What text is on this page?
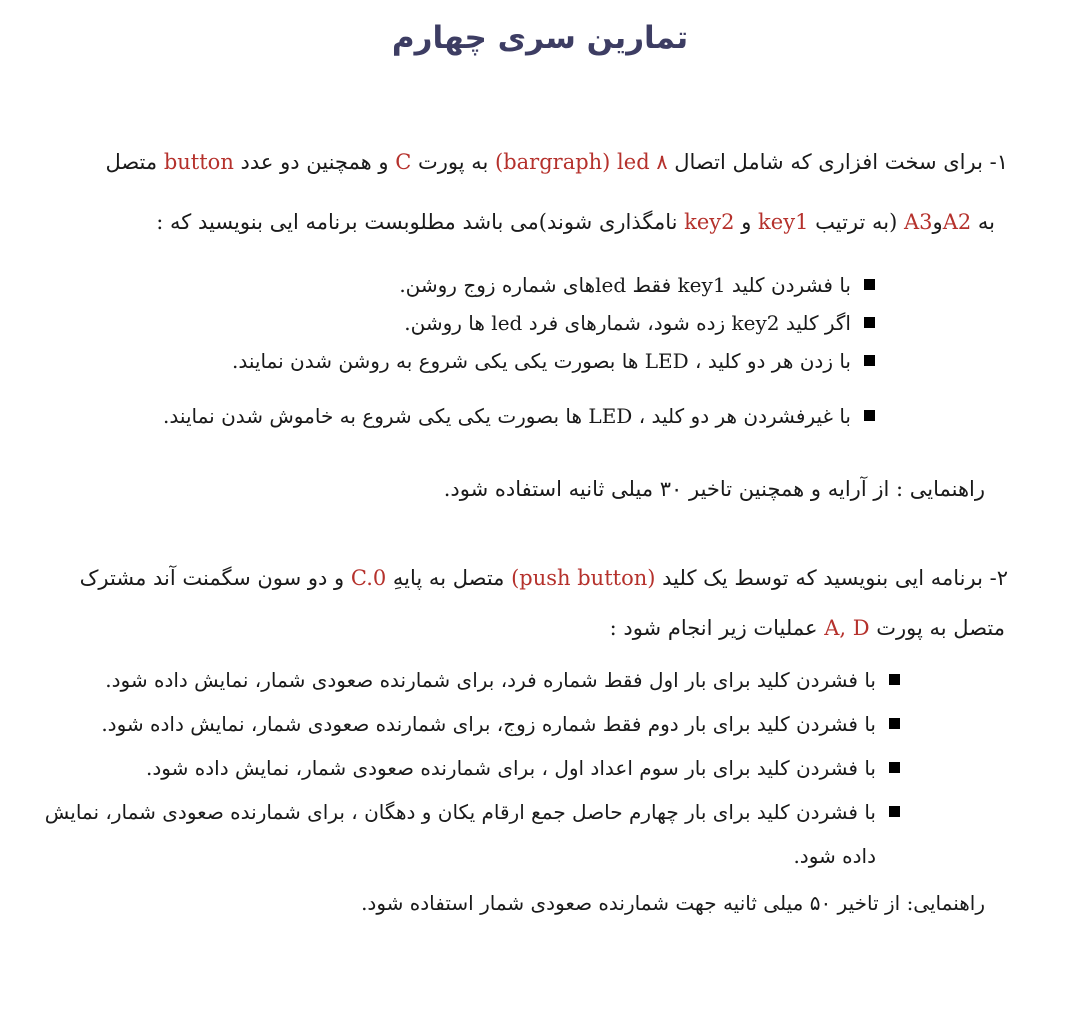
تمارین سری چهارم
۱- برای سخت افزاری که شامل اتصال ۸ led (bargraph) به پورت C و همچنین دو عدد button متصل
به A2وA3 (به ترتیب key1 و key2 نامگذاری شوند)می باشد مطلوبست برنامه ایی بنویسید که :
با فشردن کلید key1 فقط ledهای شماره زوج روشن.
اگر کلید key2 زده شود، شمارهای فرد led ها روشن.
با زدن هر دو کلید ، LED ها بصورت یکی یکی شروع به روشن شدن نمایند.
با غیرفشردن هر دو کلید ، LED ها بصورت یکی یکی شروع به خاموش شدن نمایند.
راهنمایی : از آرایه و همچنین تاخیر ۳۰ میلی ثانیه استفاده شود.
۲- برنامه ایی بنویسید که توسط یک کلید (push button) متصل به پایهِ C.0 و دو سون سگمنت آند مشترک
متصل به پورت A, D عملیات زیر انجام شود :
با فشردن کلید برای بار اول فقط شماره فرد، برای شمارنده صعودی شمار، نمایش داده شود.
با فشردن کلید برای بار دوم فقط شماره زوج، برای شمارنده صعودی شمار، نمایش داده شود.
با فشردن کلید برای بار سوم اعداد اول ، برای شمارنده صعودی شمار، نمایش داده شود.
با فشردن کلید برای بار چهارم حاصل جمع ارقام یکان و دهگان ، برای شمارنده صعودی شمار، نمایش
داده شود.
راهنمایی: از تاخیر ۵۰ میلی ثانیه جهت شمارنده صعودی شمار استفاده شود.
